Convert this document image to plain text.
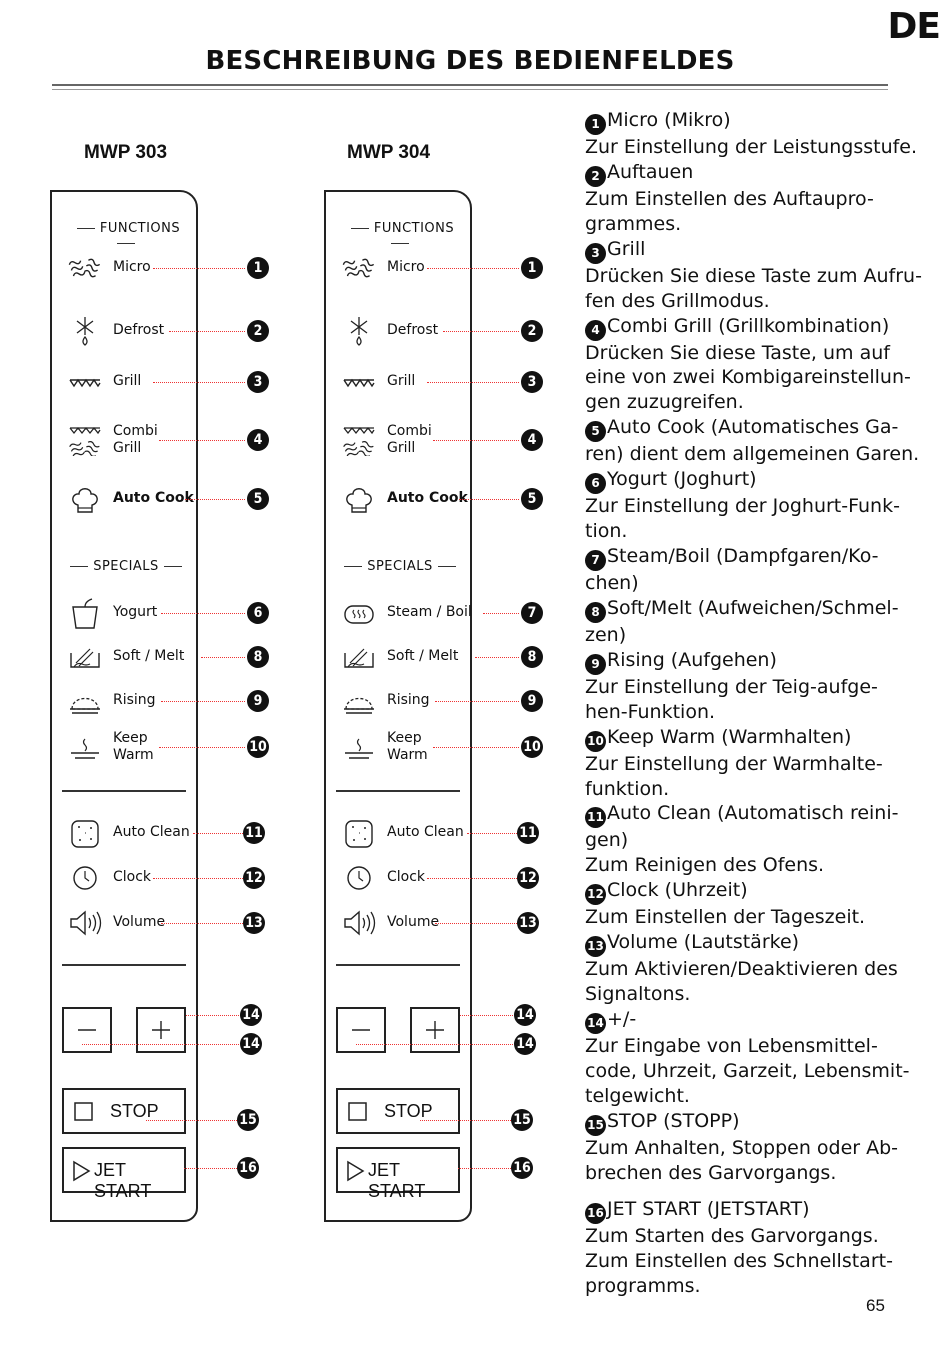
DE
BESCHREIBUNG DES BEDIENFELDES
MWP 303
FUNCTIONS
SPECIALS
Micro	1
Defrost	2
Grill	3
Combi
Grill	4
Auto Cook	5
Yogurt	6
Soft / Melt	8
Rising	9
Keep
Warm	10
Auto Clean	11
Clock	12
Volume	13
14
14
STOP
JET START
15
16
MWP 304
FUNCTIONS
SPECIALS
Micro	1
Defrost	2
Grill	3
Combi
Grill	4
Auto Cook	5
Steam / Boil	7
Soft / Melt	8
Rising	9
Keep
Warm	10
Auto Clean	11
Clock	12
Volume	13
14
14
STOP
JET START
15
16

1 Micro (Mikro)

Zur Einstellung der Leistungsstufe.

2 Auftauen

Zum Einstellen des Auftaupro-

grammes.

3 Grill

Drücken Sie diese Taste zum Aufru-

fen des Grillmodus.

4 Combi Grill (Grillkombination)

Drücken Sie diese Taste, um auf

eine von zwei Kombigareinstellun-

gen zuzugreifen.

5 Auto Cook (Automatisches Ga-

ren) dient dem allgemeinen Garen.

6 Yogurt (Joghurt)

Zur Einstellung der Joghurt-Funk-

tion.

7 Steam/Boil (Dampfgaren/Ko-

chen)

8 Soft/Melt (Aufweichen/Schmel-

zen)

9 Rising (Aufgehen)

Zur Einstellung der Teig-aufge-

hen-Funktion.

10 Keep Warm (Warmhalten)

Zur Einstellung der Warmhalte-

funktion.

11 Auto Clean (Automatisch reini-

gen)

Zum Reinigen des Ofens.

12 Clock (Uhrzeit)

Zum Einstellen der Tageszeit.

13 Volume (Lautstärke)

Zum Aktivieren/Deaktivieren des

Signaltons.

14 +/-

Zur Eingabe von Lebensmittel-

code, Uhrzeit, Garzeit, Lebensmit-

telgewicht.

15 STOP (STOPP)

Zum Anhalten, Stoppen oder Ab-

brechen des Garvorgangs.

16 JET START (JETSTART)

Zum Starten des Garvorgangs.

Zum Einstellen des Schnellstart-

programms.

65
